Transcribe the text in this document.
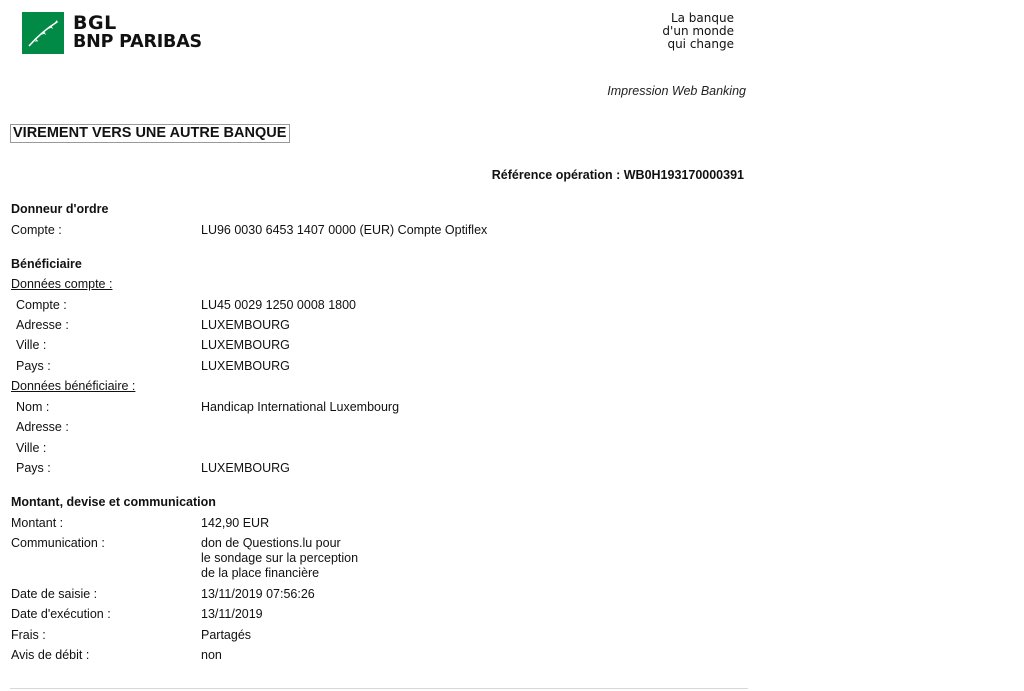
BGL
BNP PARIBAS
La banque
d'un monde
qui change
Impression Web Banking
VIREMENT VERS UNE AUTRE BANQUE
Référence opération : WB0H193170000391
Donneur d'ordre
Compte :	LU96 0030 6453 1407 0000 (EUR) Compte Optiflex
Bénéficiaire
Données compte :
Compte :	LU45 0029 1250 0008 1800
Adresse :	LUXEMBOURG
Ville :	LUXEMBOURG
Pays :	LUXEMBOURG
Données bénéficiaire :
Nom :	Handicap International Luxembourg
Adresse :
Ville :
Pays :	LUXEMBOURG
Montant, devise et communication
Montant :	142,90 EUR
Communication :	don de Questions.lu pour
le sondage sur la perception
de la place financière
Date de saisie :	13/11/2019 07:56:26
Date d'exécution :	13/11/2019
Frais :	Partagés
Avis de débit :	non
